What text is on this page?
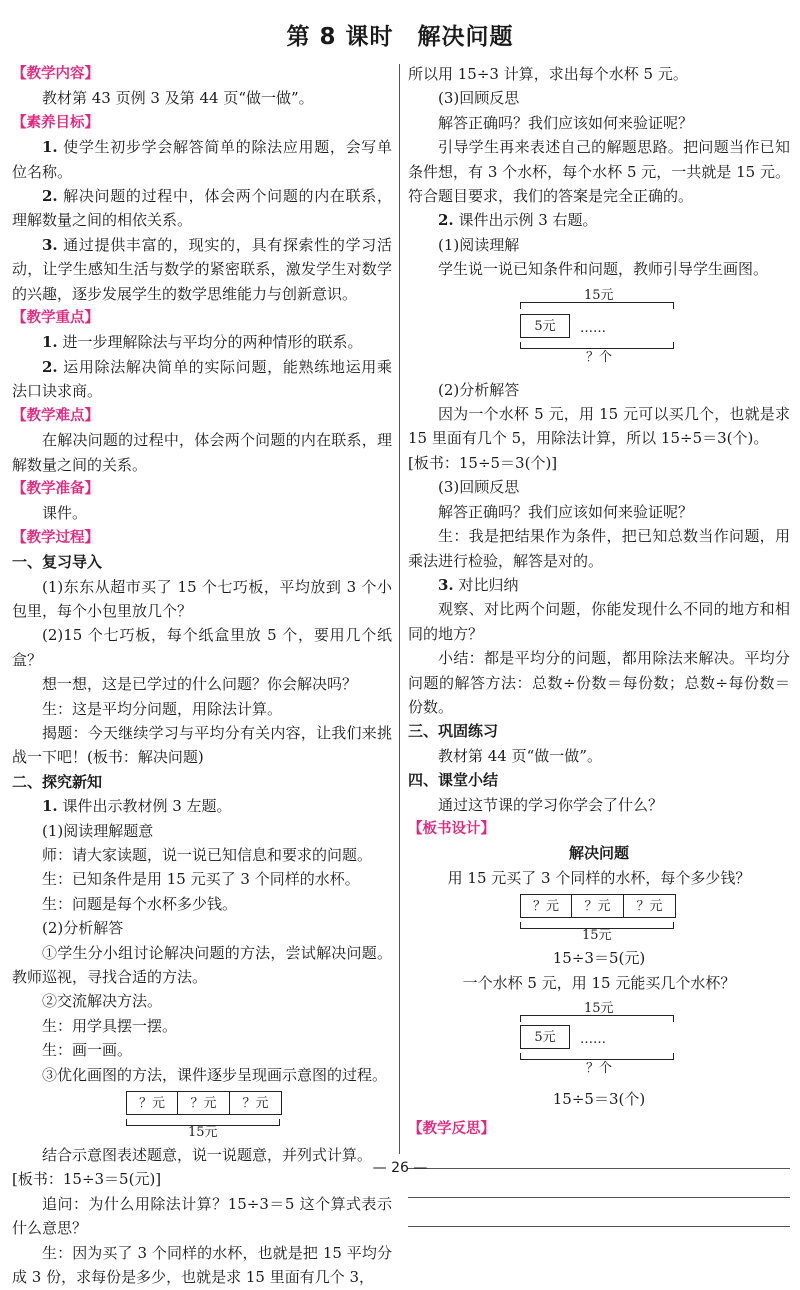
第 8 课时　解决问题

【教学内容】

教材第 43 页例 3 及第 44 页“做一做”。

【素养目标】

1. 使学生初步学会解答简单的除法应用题，会写单位名称。

2. 解决问题的过程中，体会两个问题的内在联系，理解数量之间的相依关系。

3. 通过提供丰富的，现实的，具有探索性的学习活动，让学生感知生活与数学的紧密联系，激发学生对数学的兴趣，逐步发展学生的数学思维能力与创新意识。

【教学重点】

1. 进一步理解除法与平均分的两种情形的联系。

2. 运用除法解决简单的实际问题，能熟练地运用乘法口诀求商。

【教学难点】

在解决问题的过程中，体会两个问题的内在联系，理解数量之间的关系。

【教学准备】

课件。

【教学过程】

一、复习导入

(1)东东从超市买了 15 个七巧板，平均放到 3 个小包里，每个小包里放几个？

(2)15 个七巧板，每个纸盒里放 5 个，要用几个纸盒？

想一想，这是已学过的什么问题？你会解决吗？

生：这是平均分问题，用除法计算。

揭题：今天继续学习与平均分有关内容，让我们来挑战一下吧！(板书：解决问题)

二、探究新知

1. 课件出示教材例 3 左题。

(1)阅读理解题意

师：请大家读题，说一说已知信息和要求的问题。

生：已知条件是用 15 元买了 3 个同样的水杯。

生：问题是每个水杯多少钱。

(2)分析解答

①学生分小组讨论解决问题的方法，尝试解决问题。教师巡视，寻找合适的方法。

②交流解决方法。

生：用学具摆一摆。

生：画一画。

③优化画图的方法，课件逐步呈现画示意图的过程。

？元	？元	？元
15元

结合示意图表述题意，说一说题意，并列式计算。

[板书：15÷3＝5(元)]

追问：为什么用除法计算？15÷3＝5 这个算式表示什么意思？

生：因为买了 3 个同样的水杯，也就是把 15 平均分成 3 份，求每份是多少，也就是求 15 里面有几个 3，

所以用 15÷3 计算，求出每个水杯 5 元。

(3)回顾反思

解答正确吗？我们应该如何来验证呢？

引导学生再来表述自己的解题思路。把问题当作已知条件想，有 3 个水杯，每个水杯 5 元，一共就是 15 元。符合题目要求，我们的答案是完全正确的。

2. 课件出示例 3 右题。

(1)阅读理解

学生说一说已知条件和问题，教师引导学生画图。

15元
5元	……
？个

(2)分析解答

因为一个水杯 5 元，用 15 元可以买几个，也就是求 15 里面有几个 5，用除法计算，所以 15÷5＝3(个)。

[板书：15÷5＝3(个)]

(3)回顾反思

解答正确吗？我们应该如何来验证呢？

生：我是把结果作为条件，把已知总数当作问题，用乘法进行检验，解答是对的。

3. 对比归纳

观察、对比两个问题，你能发现什么不同的地方和相同的地方？

小结：都是平均分的问题，都用除法来解决。平均分问题的解答方法：总数÷份数＝每份数；总数÷每份数＝份数。

三、巩固练习

教材第 44 页“做一做”。

四、课堂小结

通过这节课的学习你学会了什么？

【板书设计】

解决问题

用 15 元买了 3 个同样的水杯，每个多少钱？

？元	？元	？元
15元

15÷3＝5(元)

一个水杯 5 元，用 15 元能买几个水杯？

15元
5元	……
？个

15÷5＝3(个)

【教学反思】

— 26 —
